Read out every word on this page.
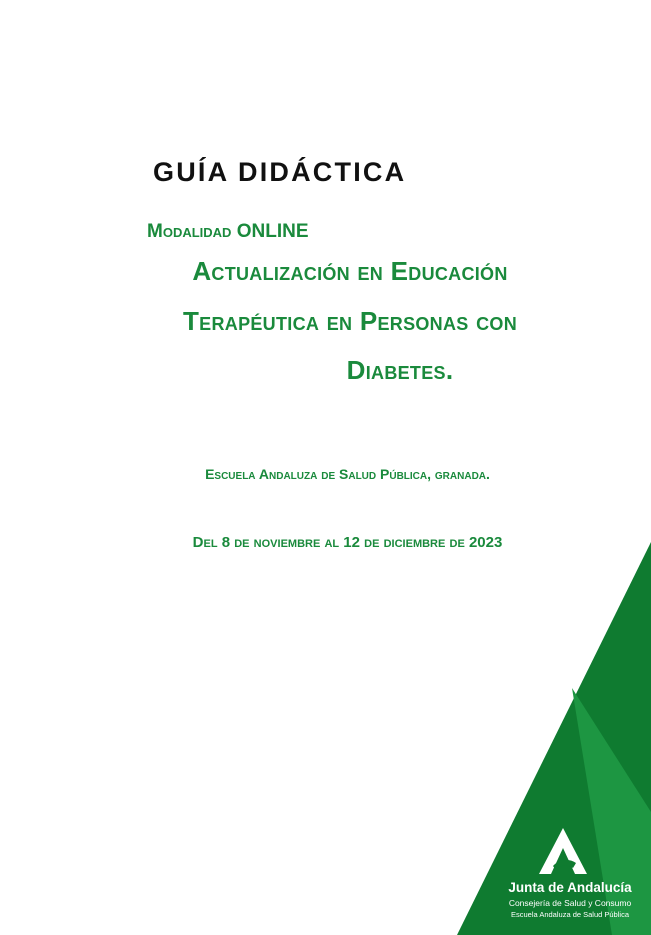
GUÍA DIDÁCTICA
Modalidad ONLINE
Actualización en Educación
Terapéutica en Personas con
Diabetes.
Escuela Andaluza de Salud Pública, granada.
Del 8 de noviembre al 12 de diciembre de 2023
Junta de Andalucía
Consejería de Salud y Consumo
Escuela Andaluza de Salud Pública
